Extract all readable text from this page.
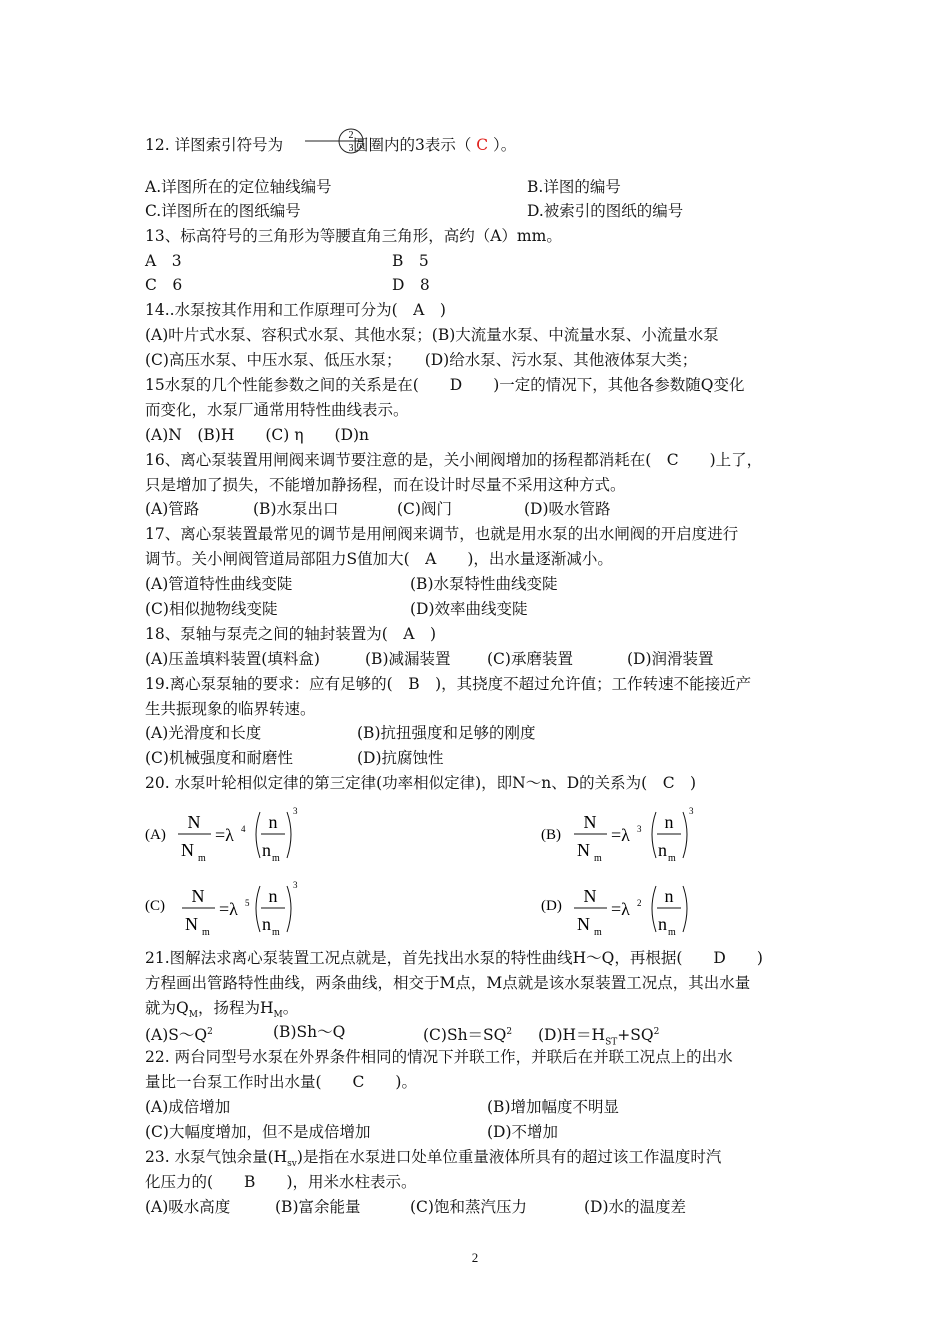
12. 详图索引符号为	圆圈内的3表示（ C ）。
2
3
A.详图所在的定位轴线编号	B.详图的编号
C.详图所在的图纸编号	D.被索引的图纸的编号
13、标高符号的三角形为等腰直角三角形，高约（A）mm。
A　3	B　5
C　6	D　8
14..水泵按其作用和工作原理可分为(　A　)
(A)叶片式水泵、容积式水泵、其他水泵；(B)大流量水泵、中流量水泵、小流量水泵
(C)高压水泵、中压水泵、低压水泵；　　(D)给水泵、污水泵、其他液体泵大类；
15水泵的几个性能参数之间的关系是在(　　D　　)一定的情况下，其他各参数随Q变化
而变化，水泵厂通常用特性曲线表示。
(A)N　(B)H　　(C) η　　(D)n
16、离心泵装置用闸阀来调节要注意的是，关小闸阀增加的扬程都消耗在(　C　　)上了，
只是增加了损失，不能增加静扬程，而在设计时尽量不采用这种方式。
(A)管路	(B)水泵出口	(C)阀门	(D)吸水管路
17、离心泵装置最常见的调节是用闸阀来调节，也就是用水泵的出水闸阀的开启度进行
调节。关小闸阀管道局部阻力S值加大(　A　　)，出水量逐渐减小。
(A)管道特性曲线变陡	(B)水泵特性曲线变陡
(C)相似抛物线变陡	(D)效率曲线变陡
18、泵轴与泵壳之间的轴封装置为(　A　)
(A)压盖填料装置(填料盒)	(B)减漏装置 (C)承磨装置	(D)润滑装置
19.离心泵泵轴的要求：应有足够的(　B　)，其挠度不超过允许值；工作转速不能接近产
生共振现象的临界转速。
(A)光滑度和长度	(B)抗扭强度和足够的刚度
(C)机械强度和耐磨性	(D)抗腐蚀性
20. 水泵叶轮相似定律的第三定律(功率相似定律)，即N～n、D的关系为(　C　)
(A)
N
N m
=λ 4 n
n m
3
(B)
N
N m
=λ 3 n
n m
3
(C) N
N m
=λ 5 n
n m
3
(D) N
N m
=λ 2 n
n m
21.图解法求离心泵装置工况点就是，首先找出水泵的特性曲线H～Q，再根据(　　D　　)
方程画出管路特性曲线，两条曲线，相交于M点，M点就是该水泵装置工况点，其出水量
就为$Q_M$，扬程为$H_M$。
$(A)S\sim Q^2$	(B)Sh～Q	$(C)Sh=SQ^2$ $(D)H=H_{ST}+SQ^2$
22. 两台同型号水泵在外界条件相同的情况下并联工作，并联后在并联工况点上的出水
量比一台泵工作时出水量(　　C　　)。
(A)成倍增加	(B)增加幅度不明显
(C)大幅度增加，但不是成倍增加	(D)不增加
23. 水泵气蚀余量$(H_{sv})$是指在水泵进口处单位重量液体所具有的超过该工作温度时汽
化压力的(　　B　　)，用米水柱表示。
(A)吸水高度	(B)富余能量	(C)饱和蒸汽压力	(D)水的温度差
2
